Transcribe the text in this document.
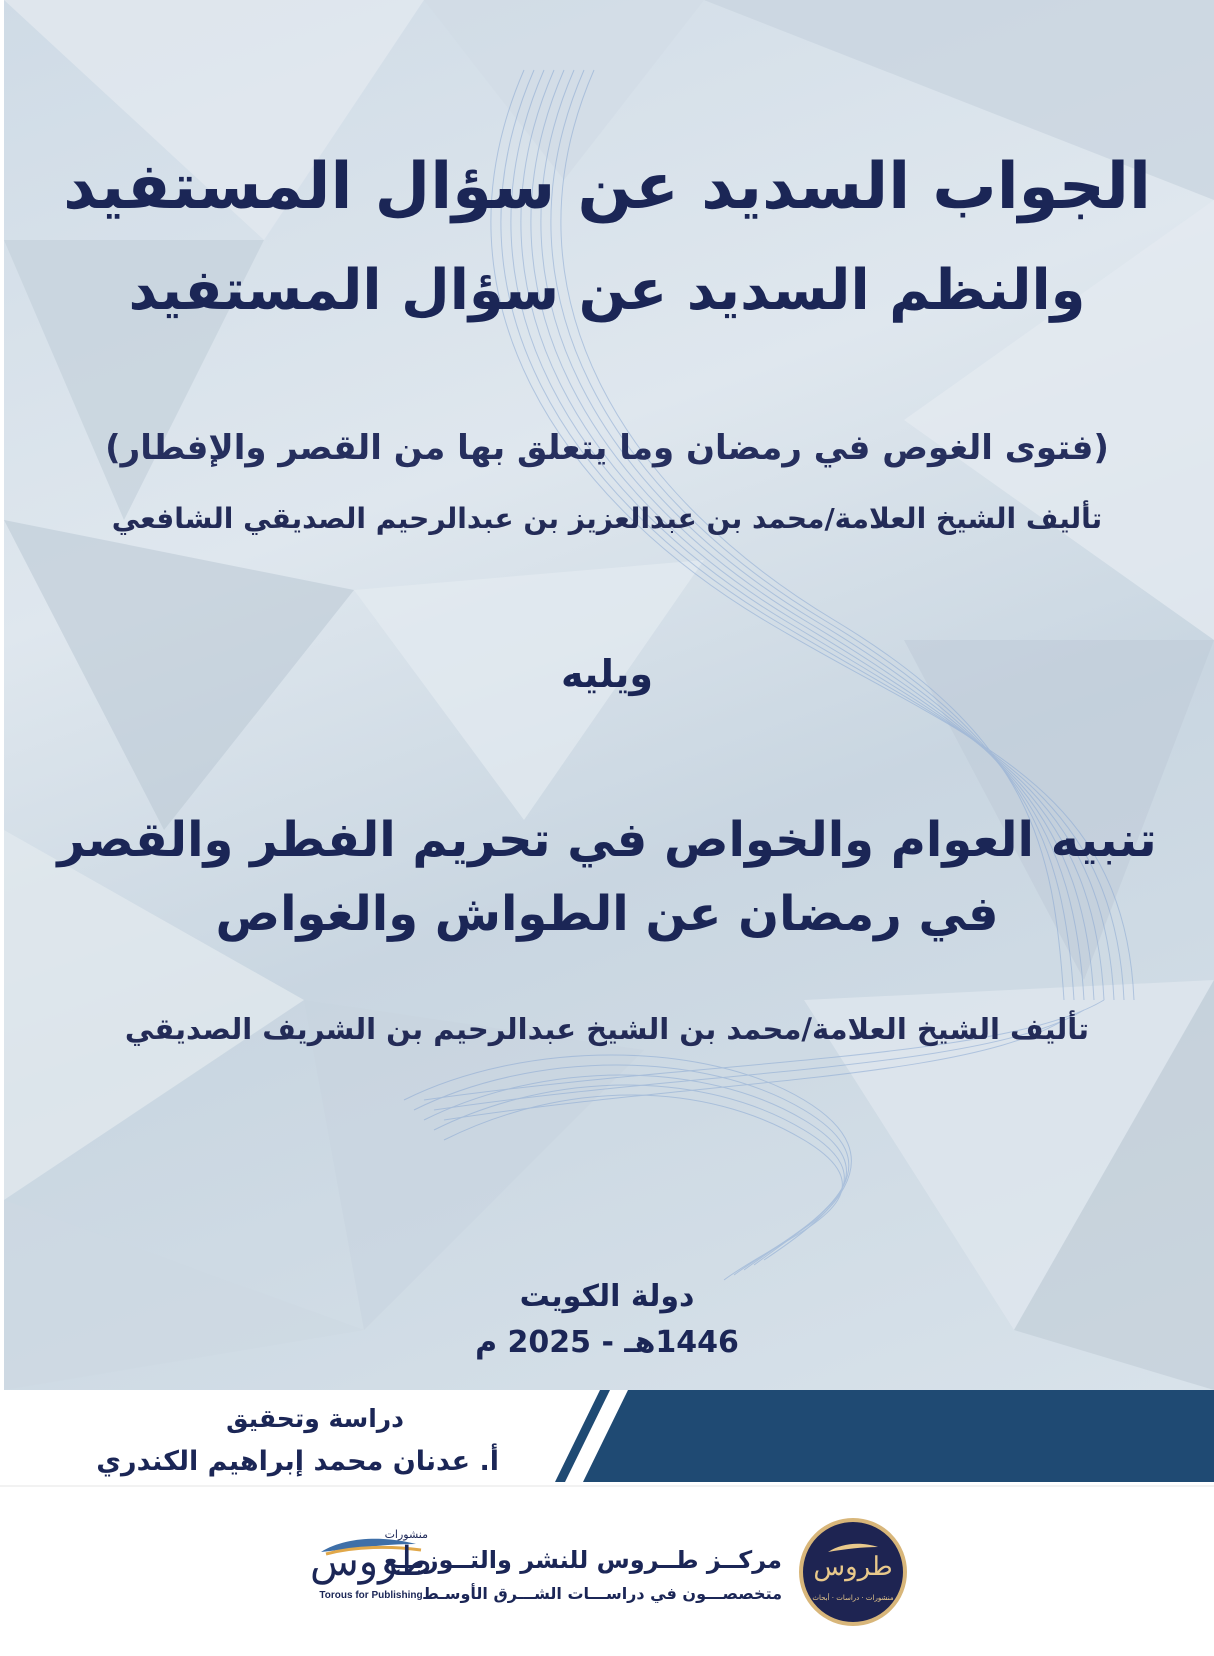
الجواب السديد عن سؤال المستفيد
والنظم السديد عن سؤال المستفيد
(فتوى الغوص في رمضان وما يتعلق بها من القصر والإفطار)
تأليف الشيخ العلامة/محمد بن عبدالعزيز بن عبدالرحيم الصديقي الشافعي
ويليه
تنبيه العوام والخواص في تحريم الفطر والقصر
في رمضان عن الطواش والغواص
تأليف الشيخ العلامة/محمد بن الشيخ عبدالرحيم بن الشريف الصديقي
دولة الكويت
1446هـ - 2025 م
دراسة وتحقيق
أ. عدنان محمد إبراهيم الكندري
منشورات
طروس
Torous for Publishing
مركــز طــروس للنشر والتــوزيــع
متخصصـــون في دراســـات الشـــرق الأوسـط
طروس
منشورات · دراسات · أبحاث
